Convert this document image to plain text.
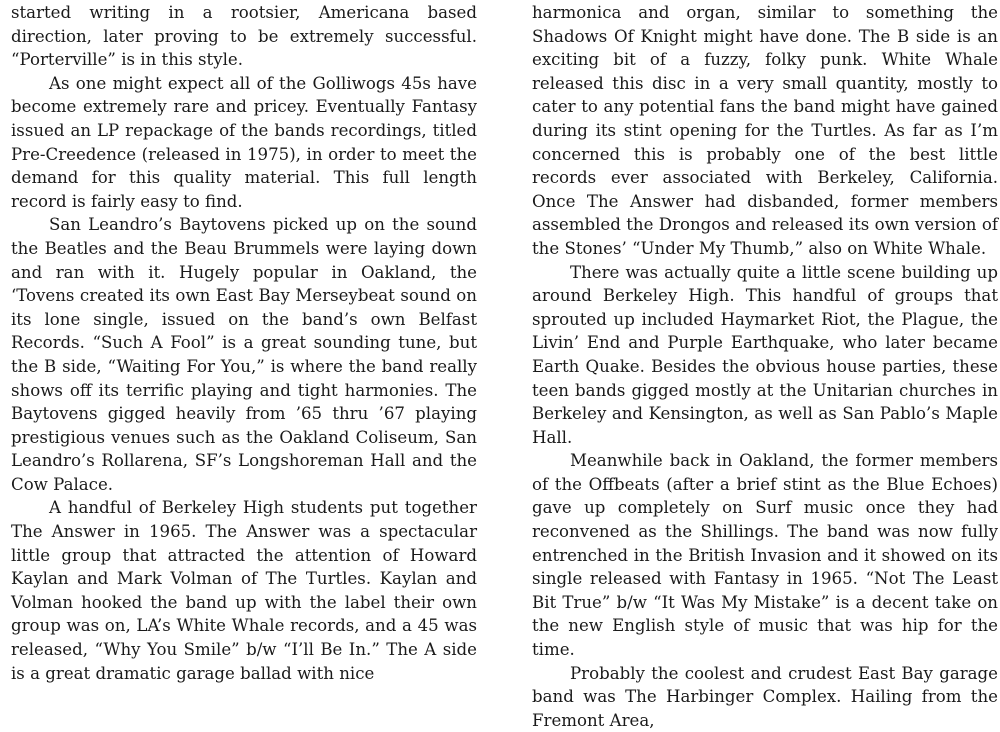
started writing in a rootsier, Americana based direction, later proving to be extremely successful. “Porterville” is in this style.

As one might expect all of the Golliwogs 45s have become extremely rare and pricey. Eventually Fantasy issued an LP repackage of the bands recordings, titled Pre-Creedence (released in 1975), in order to meet the demand for this quality material. This full length record is fairly easy to find.

San Leandro’s Baytovens picked up on the sound the Beatles and the Beau Brummels were laying down and ran with it. Hugely popular in Oakland, the ‘Tovens created its own East Bay Merseybeat sound on its lone single, issued on the band’s own Belfast Records. “Such A Fool” is a great sounding tune, but the B side, “Waiting For You,” is where the band really shows off its terrific playing and tight harmonies. The Baytovens gigged heavily from ’65 thru ’67 playing prestigious venues such as the Oakland Coliseum, San Leandro’s Rollarena, SF’s Longshoreman Hall and the Cow Palace.

A handful of Berkeley High students put together The Answer in 1965. The Answer was a spectacular little group that attracted the attention of Howard Kaylan and Mark Volman of The Turtles. Kaylan and Volman hooked the band up with the label their own group was on, LA’s White Whale records, and a 45 was released, “Why You Smile” b/w “I’ll Be In.” The A side is a great dramatic garage ballad with nice

harmonica and organ, similar to something the Shadows Of Knight might have done. The B side is an exciting bit of a fuzzy, folky punk. White Whale released this disc in a very small quantity, mostly to cater to any potential fans the band might have gained during its stint opening for the Turtles. As far as I’m concerned this is probably one of the best little records ever associated with Berkeley, California. Once The Answer had disbanded, former members assembled the Drongos and released its own version of the Stones’ “Under My Thumb,” also on White Whale.

There was actually quite a little scene building up around Berkeley High. This handful of groups that sprouted up included Haymarket Riot, the Plague, the Livin’ End and Purple Earthquake, who later became Earth Quake. Besides the obvious house parties, these teen bands gigged mostly at the Unitarian churches in Berkeley and Kensington, as well as San Pablo’s Maple Hall.

Meanwhile back in Oakland, the former members of the Offbeats (after a brief stint as the Blue Echoes) gave up completely on Surf music once they had reconvened as the Shillings. The band was now fully entrenched in the British Invasion and it showed on its single released with Fantasy in 1965. “Not The Least Bit True” b/w “It Was My Mistake” is a decent take on the new English style of music that was hip for the time.

Probably the coolest and crudest East Bay garage band was The Harbinger Complex. Hailing from the Fremont Area,
